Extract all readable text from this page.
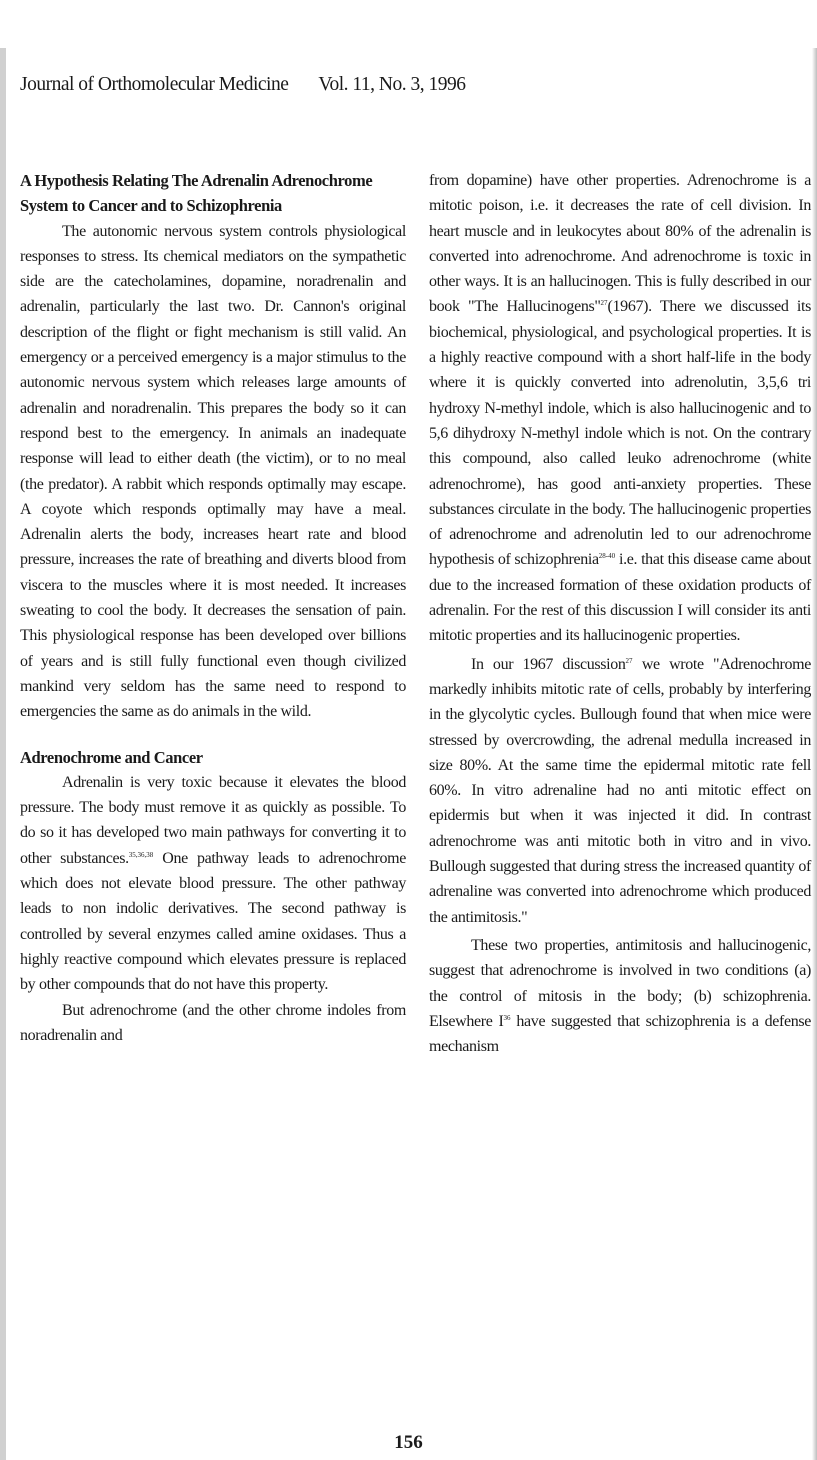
Journal of Orthomolecular Medicine Vol. 11, No. 3, 1996
A Hypothesis Relating The Adrenalin Adrenochrome System to Cancer and to Schizophrenia

The autonomic nervous system controls physiological responses to stress. Its chemical mediators on the sympathetic side are the catecholamines, dopamine, noradrenalin and adrenalin, particularly the last two. Dr. Cannon's original description of the flight or fight mechanism is still valid. An emergency or a perceived emergency is a major stimulus to the autonomic nervous system which releases large amounts of adrenalin and noradrenalin. This prepares the body so it can respond best to the emergency. In animals an inadequate response will lead to either death (the victim), or to no meal (the predator). A rabbit which responds optimally may escape. A coyote which responds optimally may have a meal. Adrenalin alerts the body, increases heart rate and blood pressure, increases the rate of breathing and diverts blood from viscera to the muscles where it is most needed. It increases sweating to cool the body. It decreases the sensation of pain. This physiological response has been developed over billions of years and is still fully functional even though civilized mankind very seldom has the same need to respond to emergencies the same as do animals in the wild.

Adrenochrome and Cancer

Adrenalin is very toxic because it elevates the blood pressure. The body must remove it as quickly as possible. To do so it has developed two main pathways for converting it to other substances.$^{35,36,38}$ One pathway leads to adrenochrome which does not elevate blood pressure. The other pathway leads to non indolic derivatives. The second pathway is controlled by several enzymes called amine oxidases. Thus a highly reactive compound which elevates pressure is replaced by other compounds that do not have this property.

But adrenochrome (and the other chrome indoles from noradrenalin and

from dopamine) have other properties. Adrenochrome is a mitotic poison, i.e. it decreases the rate of cell division. In heart muscle and in leukocytes about 80% of the adrenalin is converted into adrenochrome. And adrenochrome is toxic in other ways. It is an hallucinogen. This is fully described in our book "The Hallucinogens"$^{27}$(1967). There we discussed its biochemical, physiological, and psychological properties. It is a highly reactive compound with a short half-life in the body where it is quickly converted into adrenolutin, 3,5,6 tri hydroxy N-methyl indole, which is also hallucinogenic and to 5,6 dihydroxy N-methyl indole which is not. On the contrary this compound, also called leuko adrenochrome (white adrenochrome), has good anti-anxiety properties. These substances circulate in the body. The hallucinogenic properties of adrenochrome and adrenolutin led to our adrenochrome hypothesis of schizophrenia$^{28-40}$ i.e. that this disease came about due to the increased formation of these oxidation products of adrenalin. For the rest of this discussion I will consider its anti mitotic properties and its hallucinogenic properties.

In our 1967 discussion$^{27}$ we wrote "Adrenochrome markedly inhibits mitotic rate of cells, probably by interfering in the glycolytic cycles. Bullough found that when mice were stressed by overcrowding, the adrenal medulla increased in size 80%. At the same time the epidermal mitotic rate fell 60%. In vitro adrenaline had no anti mitotic effect on epidermis but when it was injected it did. In contrast adrenochrome was anti mitotic both in vitro and in vivo. Bullough suggested that during stress the increased quantity of adrenaline was converted into adrenochrome which produced the antimitosis."

These two properties, antimitosis and hallucinogenic, suggest that adrenochrome is involved in two conditions (a) the control of mitosis in the body; (b) schizophrenia. Elsewhere $I^{36}$ have suggested that schizophrenia is a defense mechanism

156
